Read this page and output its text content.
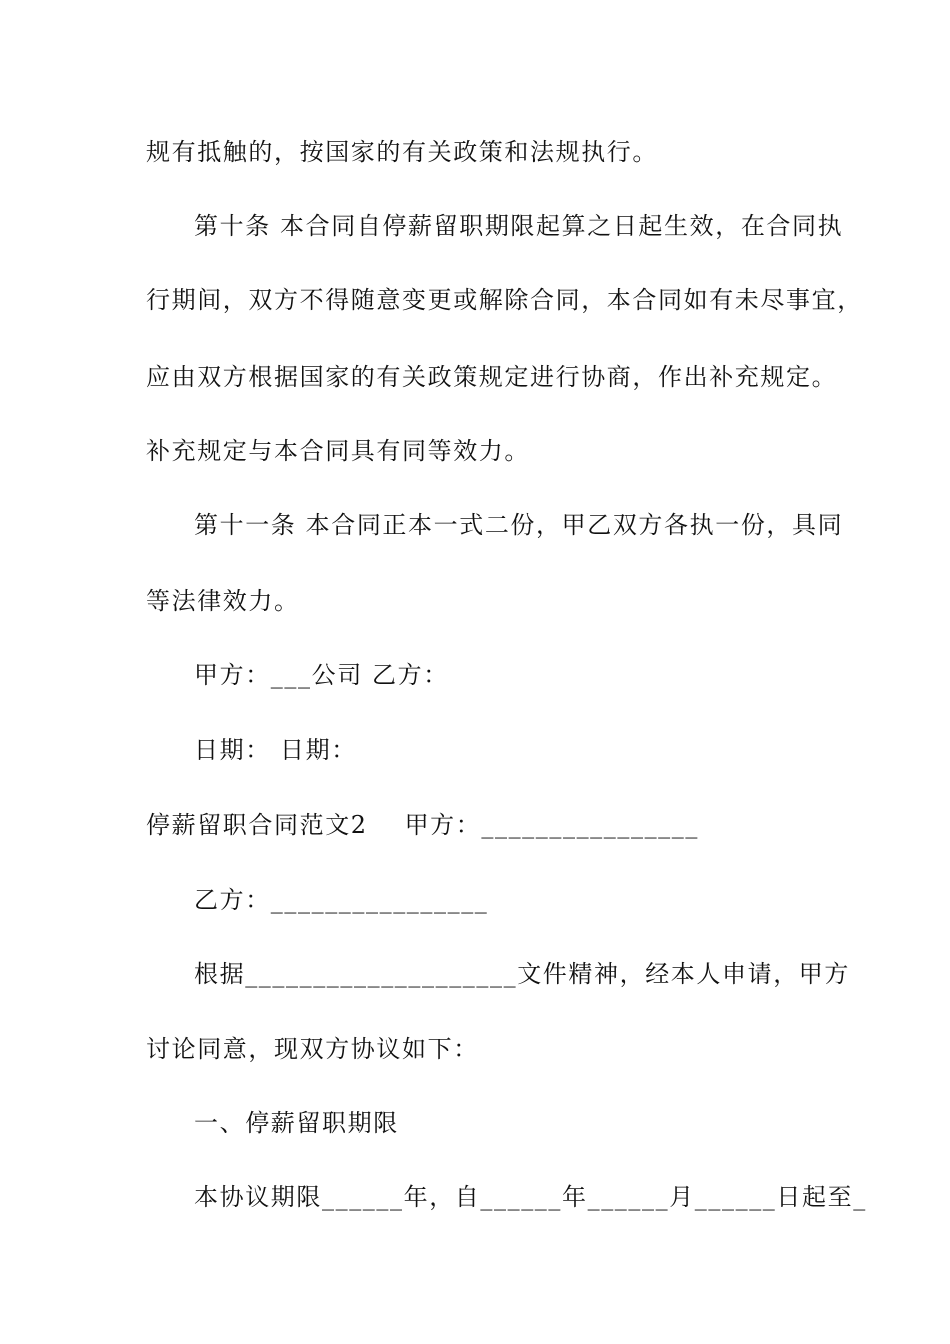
规有抵触的，按国家的有关政策和法规执行。
第十条 本合同自停薪留职期限起算之日起生效，在合同执
行期间，双方不得随意变更或解除合同，本合同如有未尽事宜，
应由双方根据国家的有关政策规定进行协商，作出补充规定。
补充规定与本合同具有同等效力。
第十一条 本合同正本一式二份，甲乙双方各执一份，具同
等法律效力。
甲方：___公司 乙方：
日期： 日期：
停薪留职合同范文2    甲方：________________
乙方：________________
根据____________________文件精神，经本人申请，甲方
讨论同意，现双方协议如下：
一、停薪留职期限
本协议期限______年，自______年______月______日起至_
